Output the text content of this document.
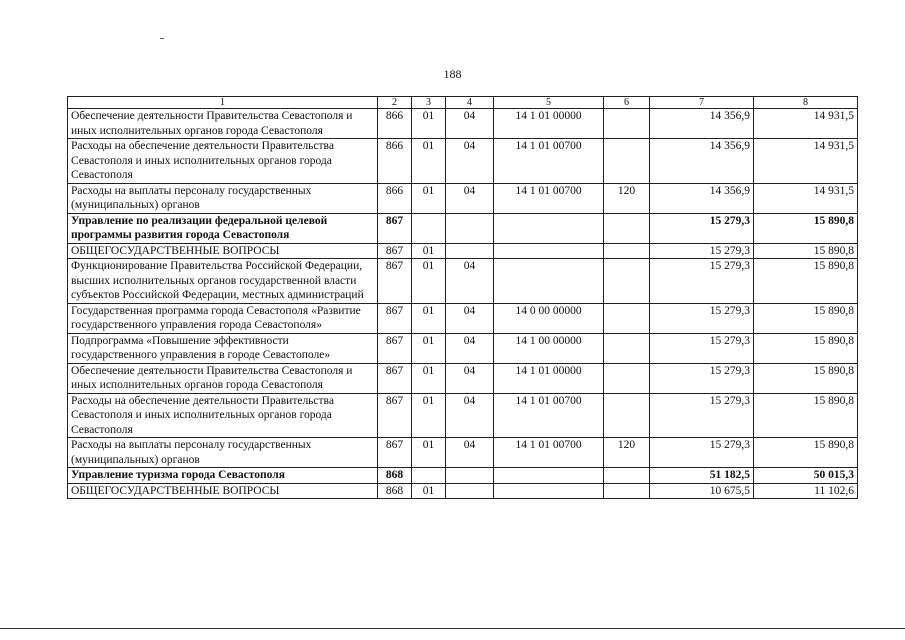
188
1	2	3	4	5	6	7	8
Обеспечение деятельности Правительства Севастополя и иных исполнительных органов города Севастополя	866	01	04	14 1 01 00000		14 356,9	14 931,5
Расходы на обеспечение деятельности Правительства Севастополя и иных исполнительных органов города Севастополя	866	01	04	14 1 01 00700		14 356,9	14 931,5
Расходы на выплаты персоналу государственных (муниципальных) органов	866	01	04	14 1 01 00700	120	14 356,9	14 931,5
Управление по реализации федеральной целевой программы развития города Севастополя	867					15 279,3	15 890,8
ОБЩЕГОСУДАРСТВЕННЫЕ ВОПРОСЫ	867	01				15 279,3	15 890,8
Функционирование Правительства Российской Федерации, высших исполнительных органов государственной власти субъектов Российской Федерации, местных администраций	867	01	04			15 279,3	15 890,8
Государственная программа города Севастополя «Развитие государственного управления города Севастополя»	867	01	04	14 0 00 00000		15 279,3	15 890,8
Подпрограмма «Повышение эффективности государственного управления в городе Севастополе»	867	01	04	14 1 00 00000		15 279,3	15 890,8
Обеспечение деятельности Правительства Севастополя и иных исполнительных органов города Севастополя	867	01	04	14 1 01 00000		15 279,3	15 890,8
Расходы на обеспечение деятельности Правительства Севастополя и иных исполнительных органов города Севастополя	867	01	04	14 1 01 00700		15 279,3	15 890,8
Расходы на выплаты персоналу государственных (муниципальных) органов	867	01	04	14 1 01 00700	120	15 279,3	15 890,8
Управление туризма города Севастополя	868					51 182,5	50 015,3
ОБЩЕГОСУДАРСТВЕННЫЕ ВОПРОСЫ	868	01				10 675,5	11 102,6
